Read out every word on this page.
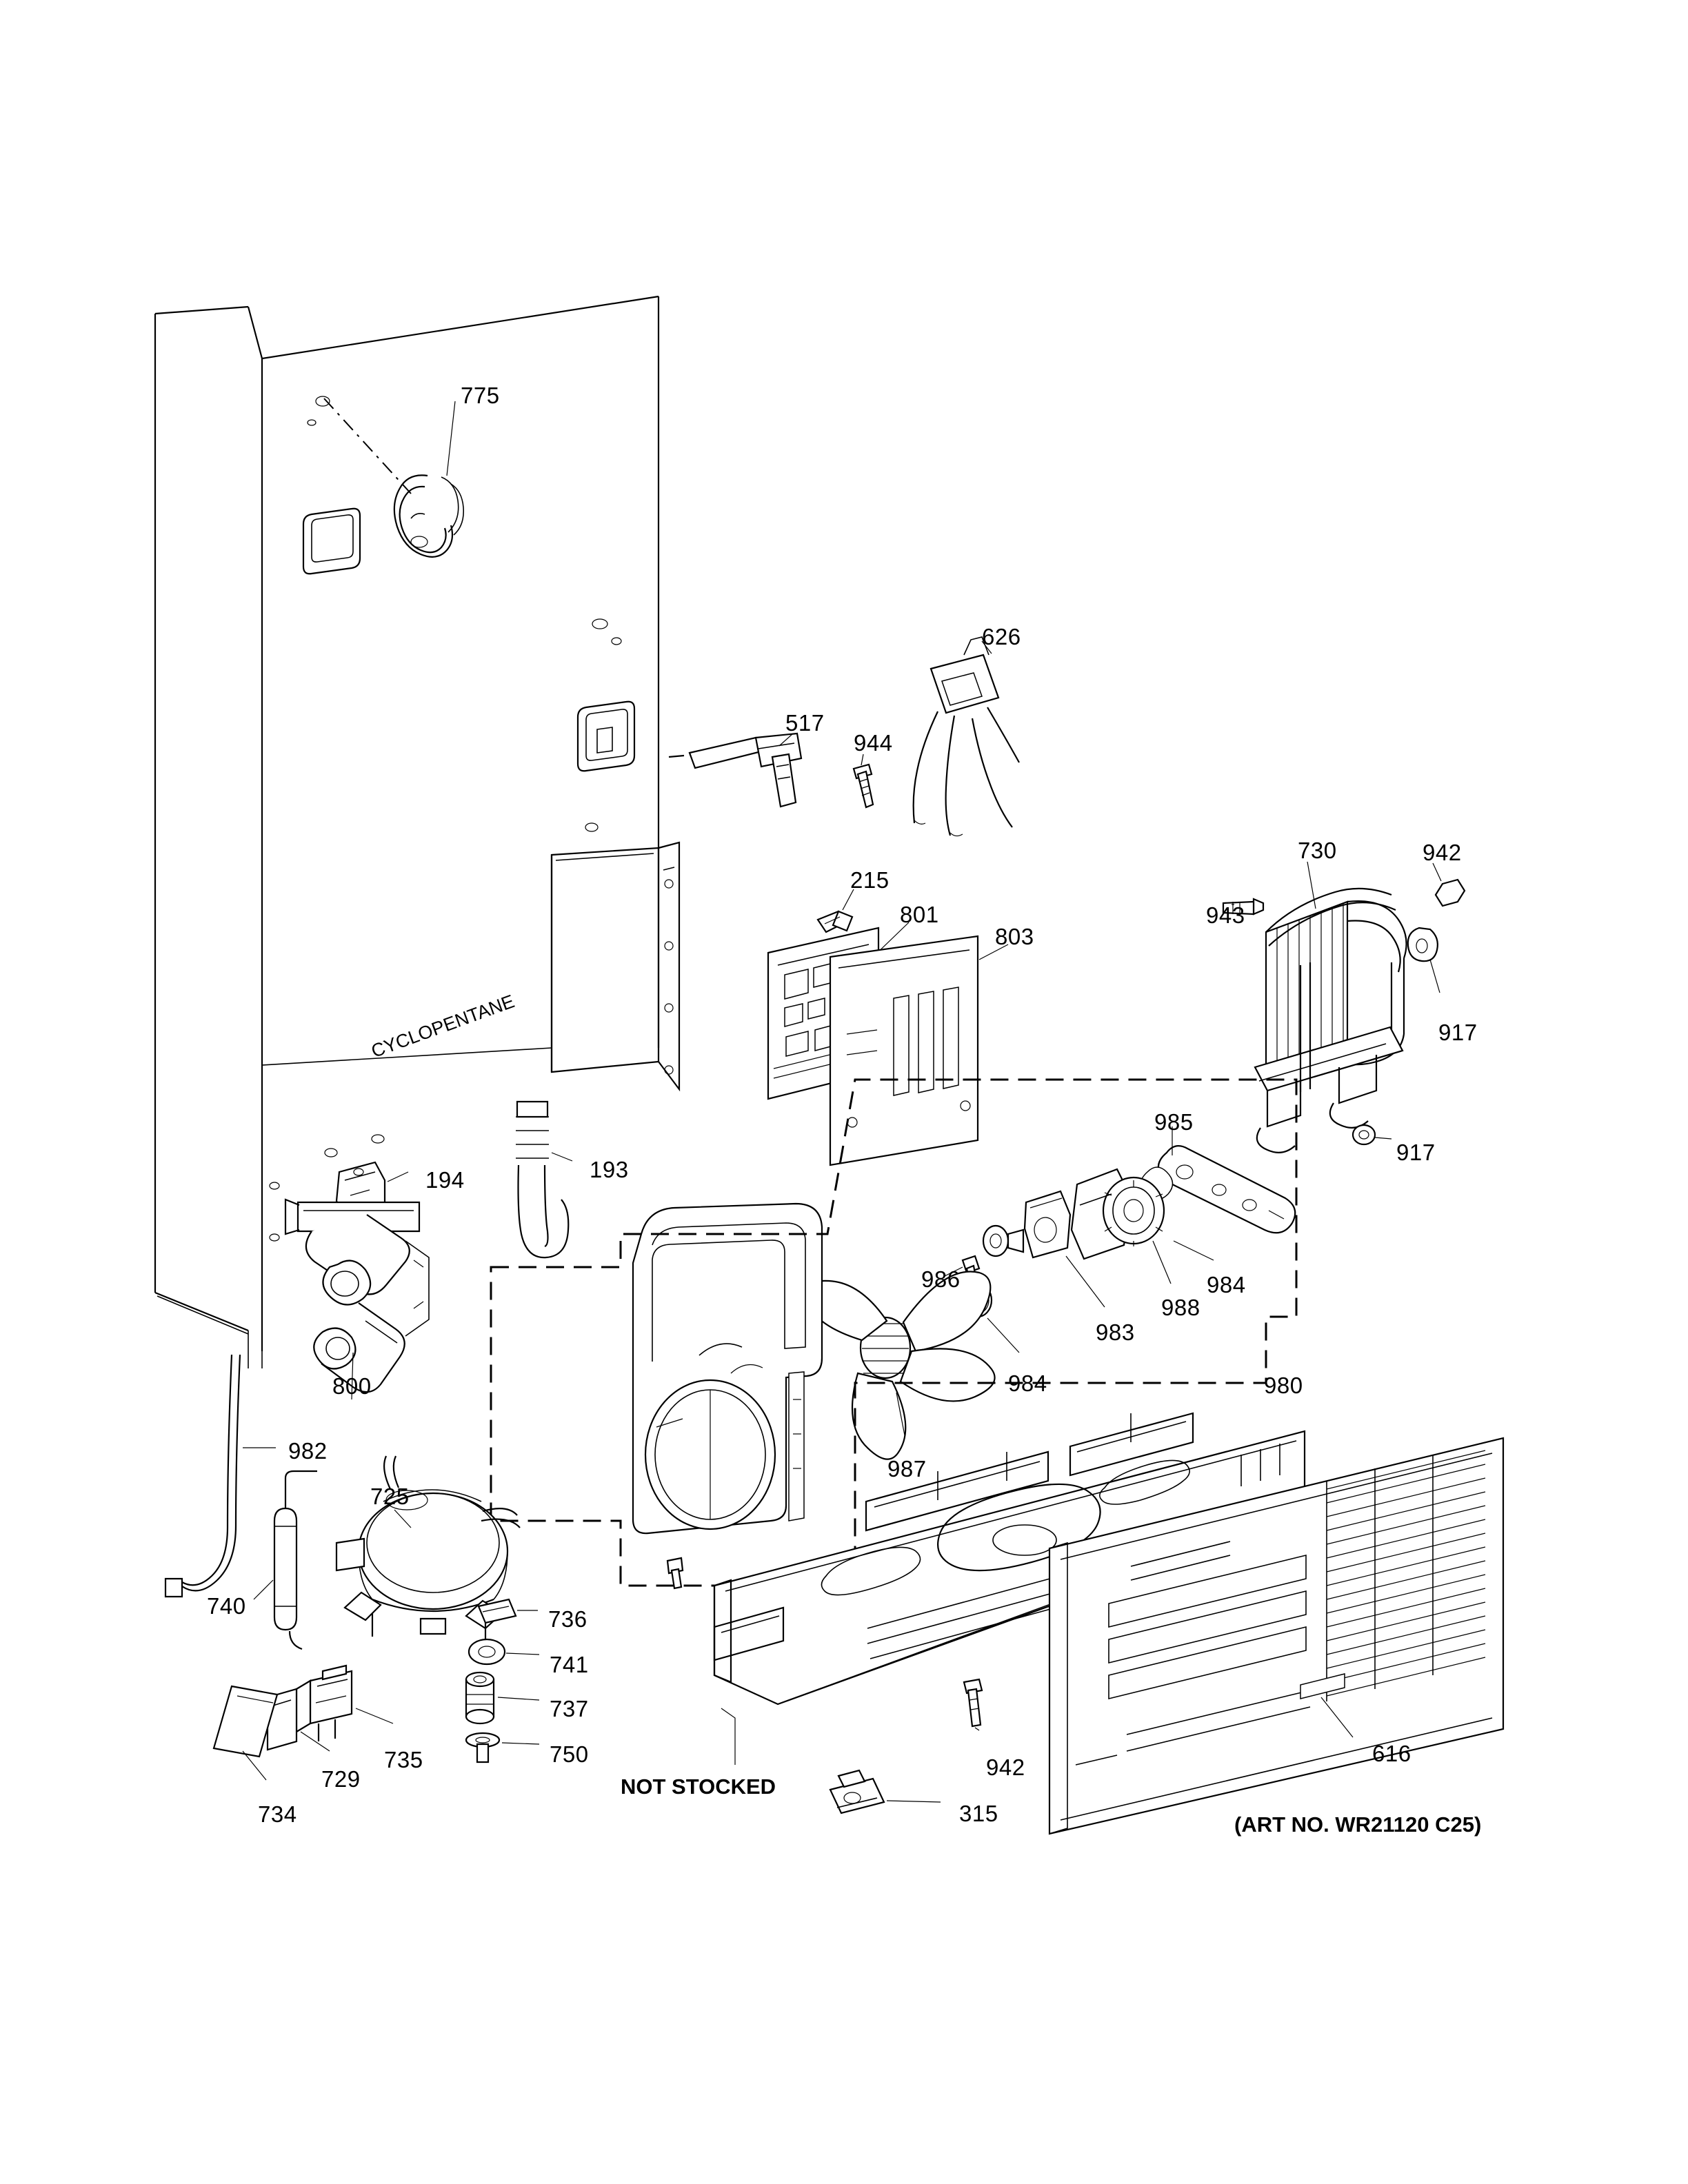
775
626
517
944
215
801
803
730	942
943
917
917
985
984
988
983
986
984	980
987
194	193
800
982
740
725
736
741
737
750
735
729
734
942
315
616
NOT STOCKED
(ART NO. WR21120 C25)
CYCLOPENTANE
